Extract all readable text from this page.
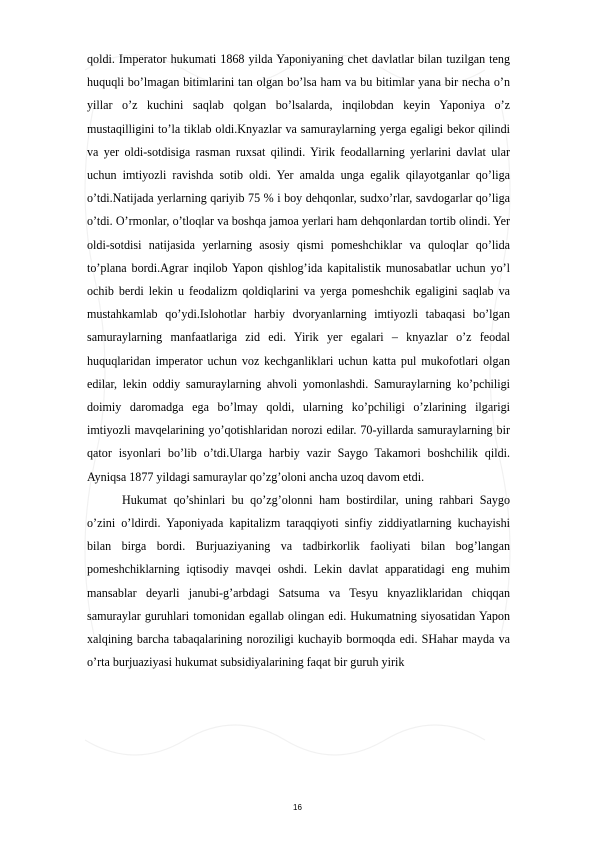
qoldi. Imperator hukumati 1868 yilda Yaponiyaning chet davlatlar bilan tuzilgan teng huquqli bo’lmagan bitimlarini tan olgan bo’lsa ham va bu bitimlar yana bir necha o’n yillar o’z kuchini saqlab qolgan bo’lsalarda, inqilobdan keyin Yaponiya o’z mustaqilligini to’la tiklab oldi.Knyazlar va samuraylarning yerga egaligi bekor qilindi va yer oldi-sotdisiga rasman ruxsat qilindi. Yirik feodallarning yerlarini davlat ular uchun imtiyozli ravishda sotib oldi. Yer amalda unga egalik qilayotganlar qo’liga o’tdi.Natijada yerlarning qariyib 75 % i boy dehqonlar, sudxo’rlar, savdogarlar qo’liga o’tdi. O’rmonlar, o’tloqlar va boshqa jamoa yerlari ham dehqonlardan tortib olindi. Yer oldi-sotdisi natijasida yerlarning asosiy qismi pomeshchiklar va quloqlar qo’lida to’plana bordi.Agrar inqilob Yapon qishlog’ida kapitalistik munosabatlar uchun yo’l ochib berdi lekin u feodalizm qoldiqlarini va yerga pomeshchik egaligini saqlab va mustahkamlab qo’ydi.Islohotlar harbiy dvoryanlarning imtiyozli tabaqasi bo’lgan samuraylarning manfaatlariga zid edi. Yirik yer egalari – knyazlar o’z feodal huquqlaridan imperator uchun voz kechganliklari uchun katta pul mukofotlari olgan edilar, lekin oddiy samuraylarning ahvoli yomonlashdi. Samuraylarning ko’pchiligi doimiy daromadga ega bo’lmay qoldi, ularning ko’pchiligi o’zlarining ilgarigi imtiyozli mavqelarining yo’qotishlaridan norozi edilar. 70-yillarda samuraylarning bir qator isyonlari bo’lib o’tdi.Ularga harbiy vazir Saygo Takamori boshchilik qildi. Ayniqsa 1877 yildagi samuraylar qo’zg’oloni ancha uzoq davom etdi.

Hukumat qo’shinlari bu qo’zg’olonni ham bostirdilar, uning rahbari Saygo o’zini o’ldirdi. Yaponiyada kapitalizm taraqqiyoti sinfiy ziddiyatlarning kuchayishi bilan birga bordi. Burjuaziyaning va tadbirkorlik faoliyati bilan bog’langan pomeshchiklarning iqtisodiy mavqei oshdi. Lekin davlat apparatidagi eng muhim mansablar deyarli janubi-g’arbdagi Satsuma va Tesyu knyazliklaridan chiqqan samuraylar guruhlari tomonidan egallab olingan edi. Hukumatning siyosatidan Yapon xalqining barcha tabaqalarining noroziligi kuchayib bormoqda edi. SHahar mayda va o’rta burjuaziyasi hukumat subsidiyalarining faqat bir guruh yirik

16
